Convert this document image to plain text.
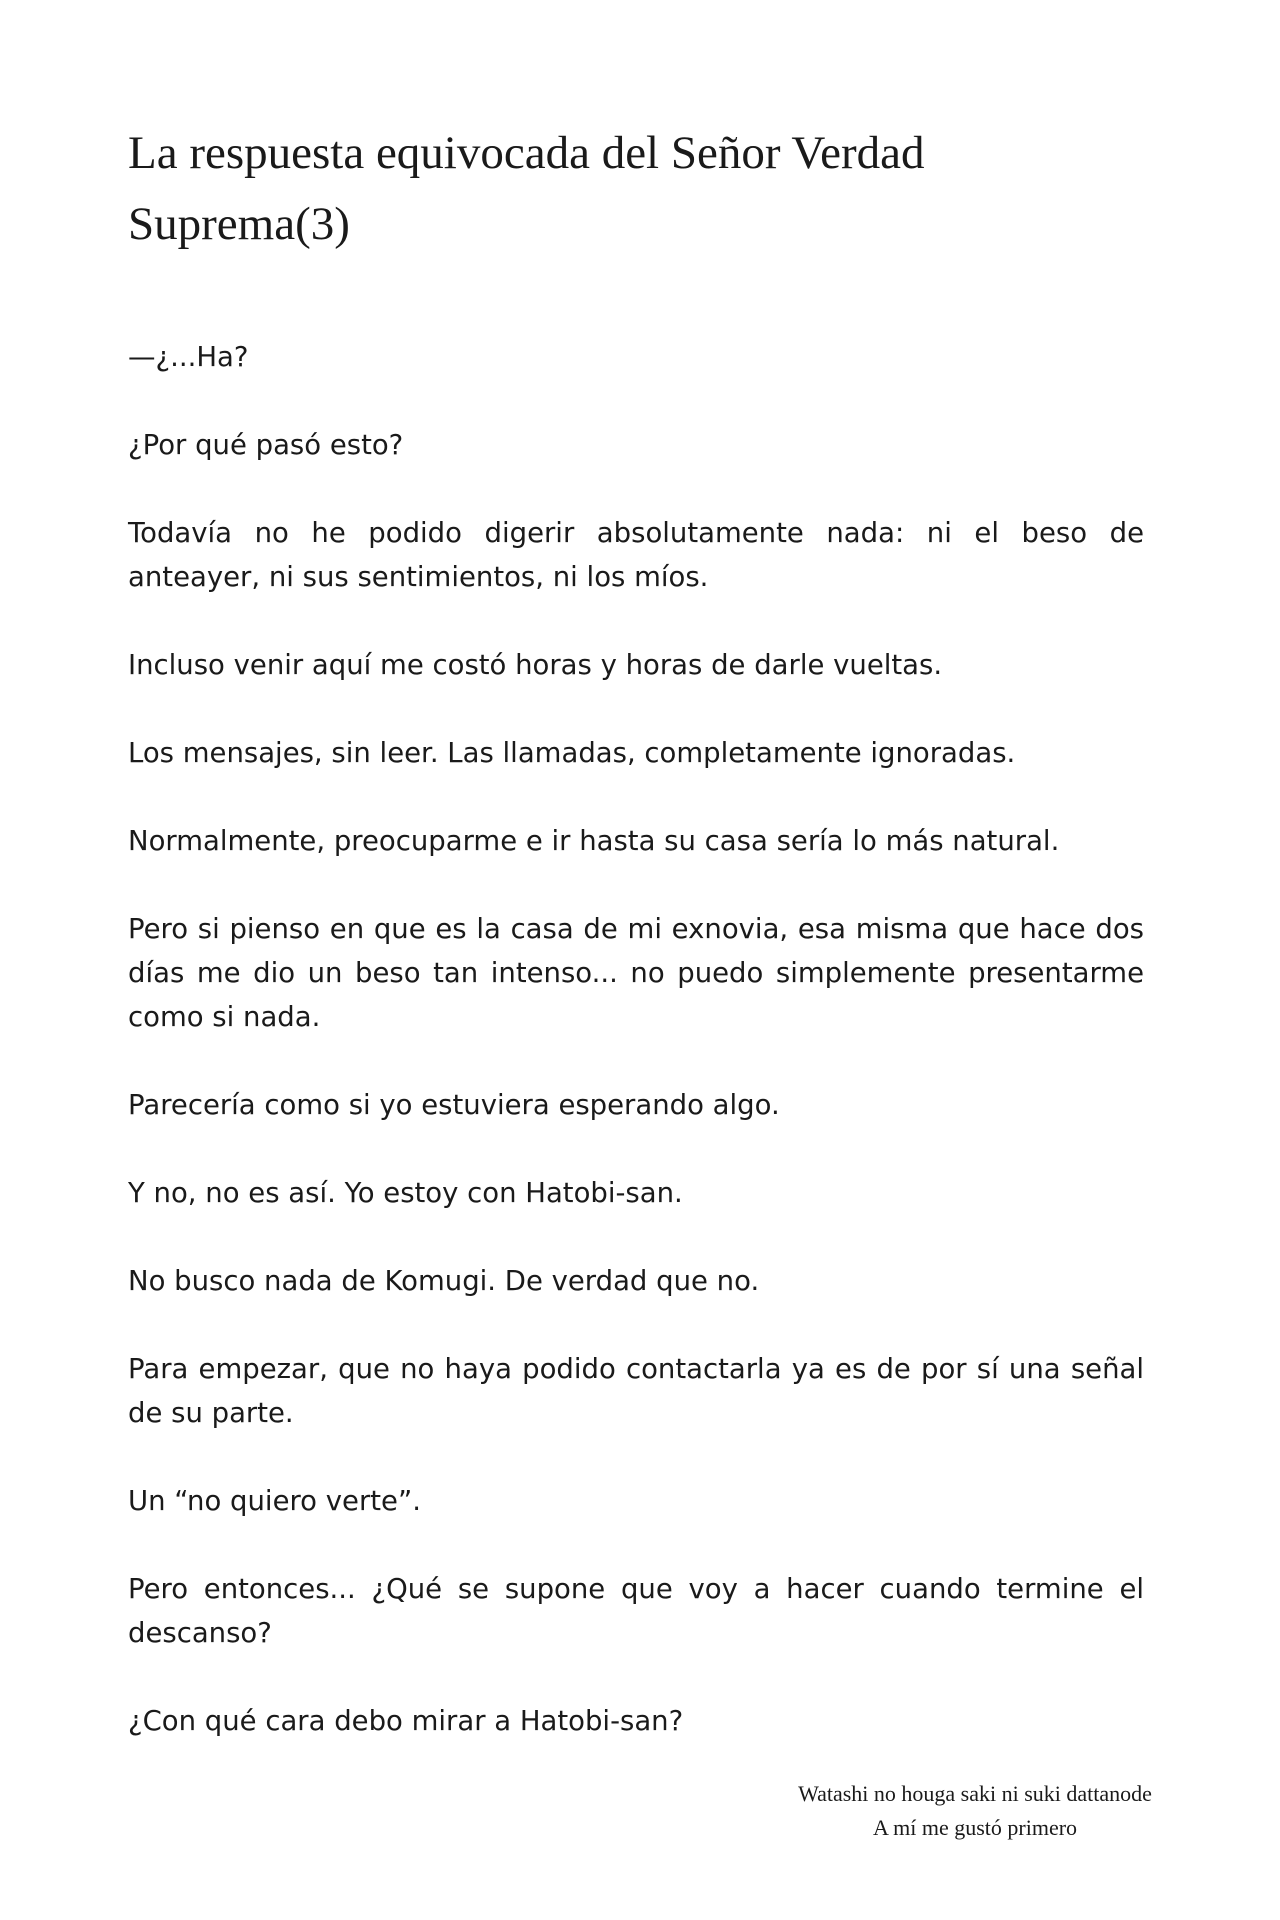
La respuesta equivocada del Señor Verdad Suprema(3)

—¿...Ha?

¿Por qué pasó esto?

Todavía no he podido digerir absolutamente nada: ni el beso de anteayer, ni sus sentimientos, ni los míos.

Incluso venir aquí me costó horas y horas de darle vueltas.

Los mensajes, sin leer. Las llamadas, completamente ignoradas.

Normalmente, preocuparme e ir hasta su casa sería lo más natural.

Pero si pienso en que es la casa de mi exnovia, esa misma que hace dos días me dio un beso tan intenso... no puedo simplemente presentarme como si nada.

Parecería como si yo estuviera esperando algo.

Y no, no es así. Yo estoy con Hatobi-san.

No busco nada de Komugi. De verdad que no.

Para empezar, que no haya podido contactarla ya es de por sí una señal de su parte.

Un “no quiero verte”.

Pero entonces... ¿Qué se supone que voy a hacer cuando termine el descanso?

¿Con qué cara debo mirar a Hatobi-san?

Watashi no houga saki ni suki dattanode
A mí me gustó primero
